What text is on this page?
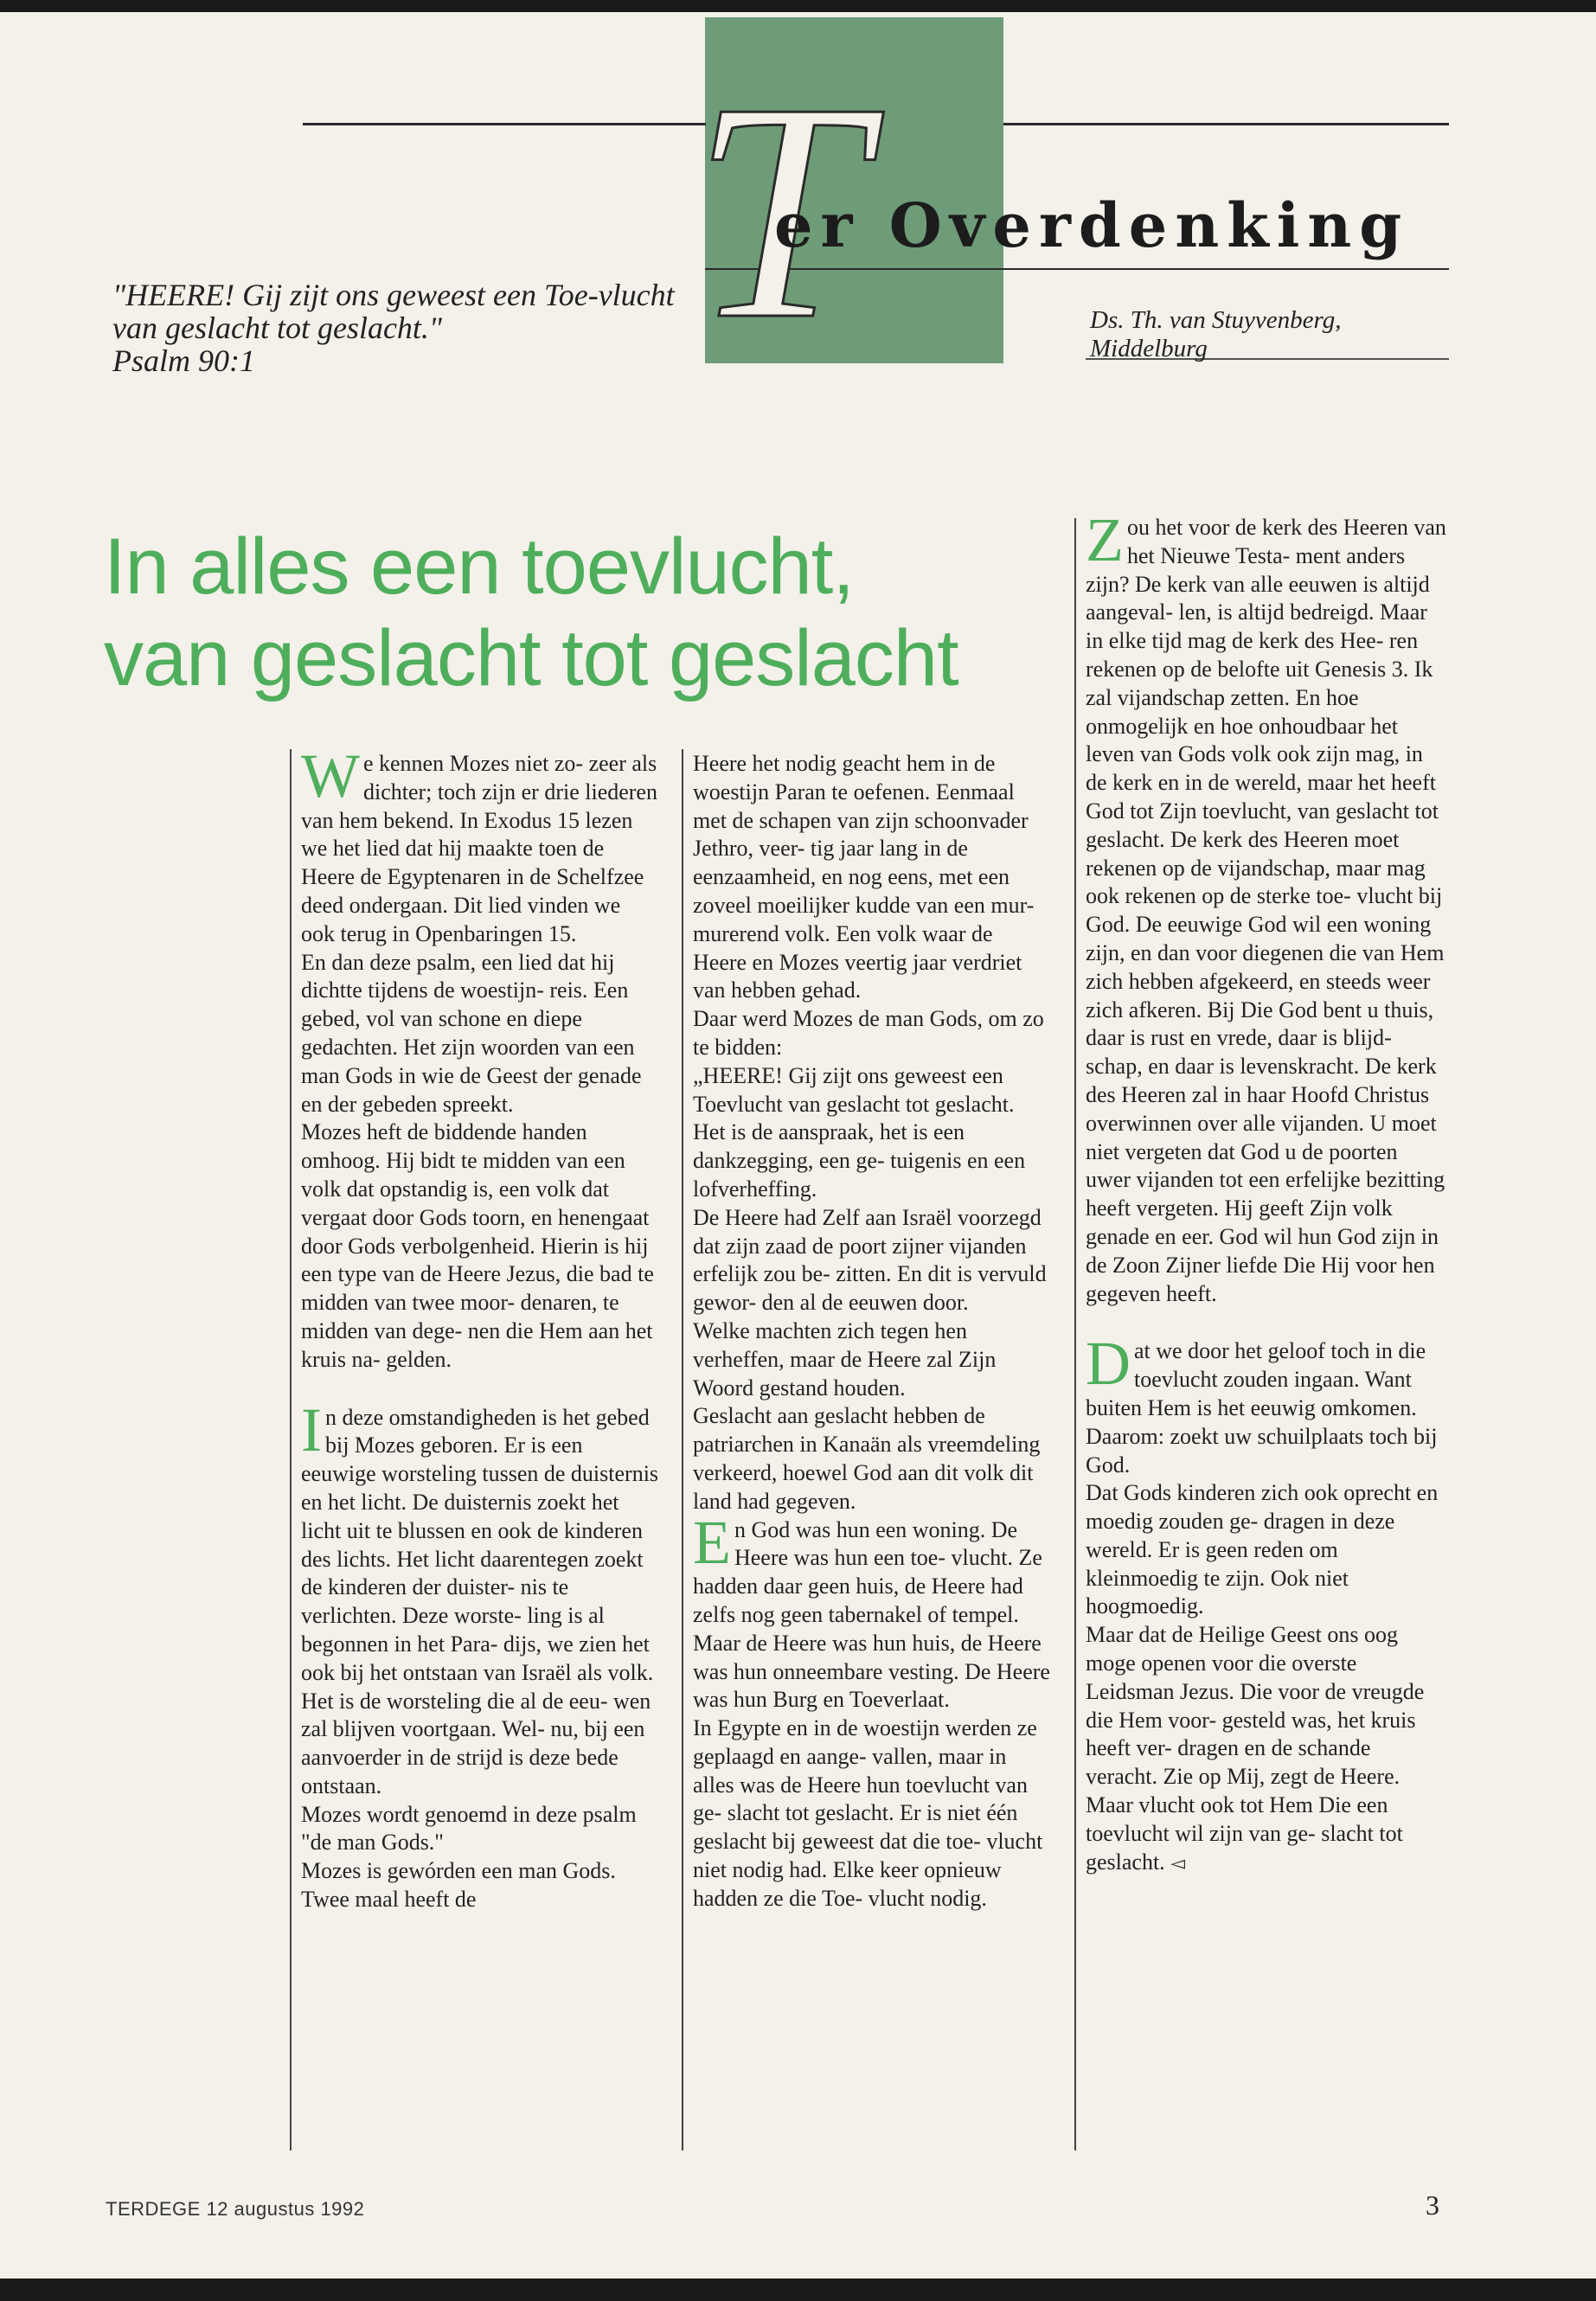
T
er Overdenking
"HEERE! Gij zijt ons geweest een Toe-vlucht van geslacht tot geslacht."
Psalm 90:1
Ds. Th. van Stuyvenberg,
Middelburg
In alles een toevlucht,
van geslacht tot geslacht

We kennen Mozes niet zo- zeer als dichter; toch zijn er drie liederen van hem bekend. In Exodus 15 lezen we het lied dat hij maakte toen de Heere de Egyptenaren in de Schelfzee deed ondergaan. Dit lied vinden we ook terug in Openbaringen 15.

En dan deze psalm, een lied dat hij dichtte tijdens de woestijn- reis. Een gebed, vol van schone en diepe gedachten. Het zijn woorden van een man Gods in wie de Geest der genade en der gebeden spreekt.

Mozes heft de biddende handen omhoog. Hij bidt te midden van een volk dat opstandig is, een volk dat vergaat door Gods toorn, en henengaat door Gods verbolgenheid. Hierin is hij een type van de Heere Jezus, die bad te midden van twee moor- denaren, te midden van dege- nen die Hem aan het kruis na- gelden.

In deze omstandigheden is het gebed bij Mozes geboren. Er is een eeuwige worsteling tussen de duisternis en het licht. De duisternis zoekt het licht uit te blussen en ook de kinderen des lichts. Het licht daarentegen zoekt de kinderen der duister- nis te verlichten. Deze worste- ling is al begonnen in het Para- dijs, we zien het ook bij het ontstaan van Israël als volk. Het is de worsteling die al de eeu- wen zal blijven voortgaan. Wel- nu, bij een aanvoerder in de strijd is deze bede ontstaan.

Mozes wordt genoemd in deze psalm "de man Gods."

Mozes is gewórden een man Gods. Twee maal heeft de

Heere het nodig geacht hem in de woestijn Paran te oefenen. Eenmaal met de schapen van zijn schoonvader Jethro, veer- tig jaar lang in de eenzaamheid, en nog eens, met een zoveel moeilijker kudde van een mur- murerend volk. Een volk waar de Heere en Mozes veertig jaar verdriet van hebben gehad.

Daar werd Mozes de man Gods, om zo te bidden:

„HEERE! Gij zijt ons geweest een Toevlucht van geslacht tot geslacht. Het is de aanspraak, het is een dankzegging, een ge- tuigenis en een lofverheffing.

De Heere had Zelf aan Israël voorzegd dat zijn zaad de poort zijner vijanden erfelijk zou be- zitten. En dit is vervuld gewor- den al de eeuwen door.

Welke machten zich tegen hen verheffen, maar de Heere zal Zijn Woord gestand houden.

Geslacht aan geslacht hebben de patriarchen in Kanaän als vreemdeling verkeerd, hoewel God aan dit volk dit land had gegeven.

En God was hun een woning. De Heere was hun een toe- vlucht. Ze hadden daar geen huis, de Heere had zelfs nog geen tabernakel of tempel. Maar de Heere was hun huis, de Heere was hun onneembare vesting. De Heere was hun Burg en Toeverlaat.

In Egypte en in de woestijn werden ze geplaagd en aange- vallen, maar in alles was de Heere hun toevlucht van ge- slacht tot geslacht. Er is niet één geslacht bij geweest dat die toe- vlucht niet nodig had. Elke keer opnieuw hadden ze die Toe- vlucht nodig.

Zou het voor de kerk des Heeren van het Nieuwe Testa- ment anders zijn? De kerk van alle eeuwen is altijd aangeval- len, is altijd bedreigd. Maar in elke tijd mag de kerk des Hee- ren rekenen op de belofte uit Genesis 3. Ik zal vijandschap zetten. En hoe onmogelijk en hoe onhoudbaar het leven van Gods volk ook zijn mag, in de kerk en in de wereld, maar het heeft God tot Zijn toevlucht, van geslacht tot geslacht. De kerk des Heeren moet rekenen op de vijandschap, maar mag ook rekenen op de sterke toe- vlucht bij God. De eeuwige God wil een woning zijn, en dan voor diegenen die van Hem zich hebben afgekeerd, en steeds weer zich afkeren. Bij Die God bent u thuis, daar is rust en vrede, daar is blijd- schap, en daar is levenskracht. De kerk des Heeren zal in haar Hoofd Christus overwinnen over alle vijanden. U moet niet vergeten dat God u de poorten uwer vijanden tot een erfelijke bezitting heeft vergeten. Hij geeft Zijn volk genade en eer. God wil hun God zijn in de Zoon Zijner liefde Die Hij voor hen gegeven heeft.

Dat we door het geloof toch in die toevlucht zouden ingaan. Want buiten Hem is het eeuwig omkomen. Daarom: zoekt uw schuilplaats toch bij God.

Dat Gods kinderen zich ook oprecht en moedig zouden ge- dragen in deze wereld. Er is geen reden om kleinmoedig te zijn. Ook niet hoogmoedig.

Maar dat de Heilige Geest ons oog moge openen voor die overste Leidsman Jezus. Die voor de vreugde die Hem voor- gesteld was, het kruis heeft ver- dragen en de schande veracht. Zie op Mij, zegt de Heere. Maar vlucht ook tot Hem Die een toevlucht wil zijn van ge- slacht tot geslacht. ◅

TERDEGE 12 augustus 1992	3
